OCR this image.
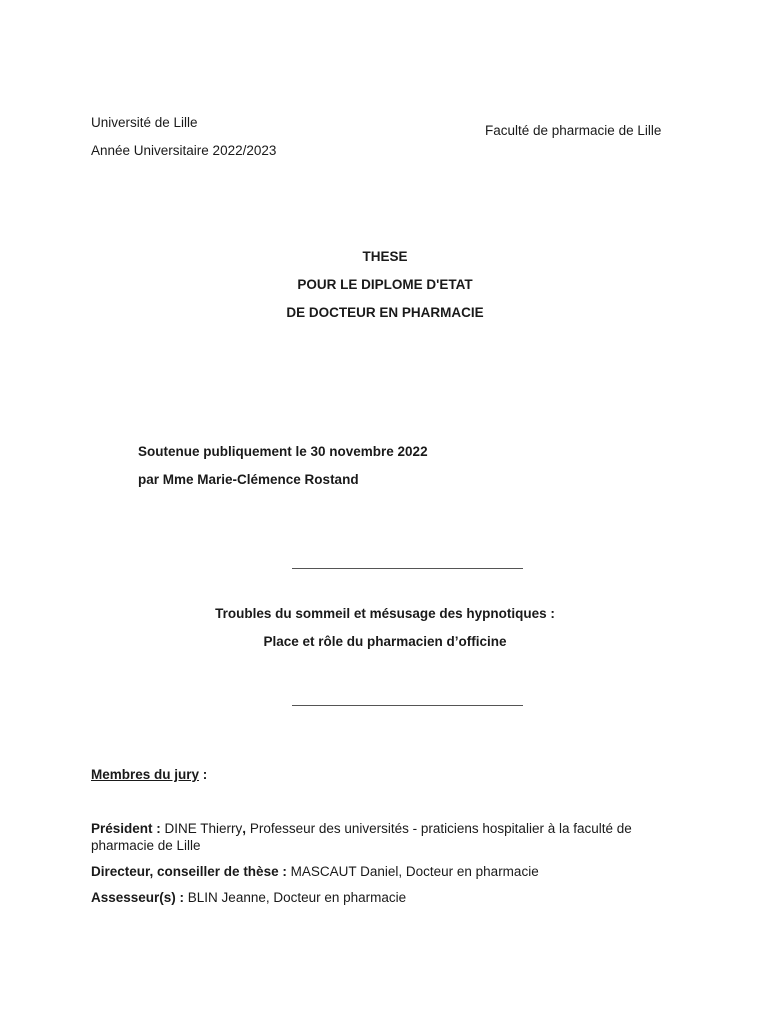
Université de Lille

Année Universitaire 2022/2023

Faculté de pharmacie de Lille

THESE

POUR LE DIPLOME D'ETAT

DE DOCTEUR EN PHARMACIE

Soutenue publiquement le 30 novembre 2022

par Mme Marie-Clémence Rostand

Troubles du sommeil et mésusage des hypnotiques :

Place et rôle du pharmacien d’officine

Membres du jury :

Président : DINE Thierry, Professeur des universités - praticiens hospitalier à la faculté de pharmacie de Lille

Directeur, conseiller de thèse : MASCAUT Daniel, Docteur en pharmacie

Assesseur(s) : BLIN Jeanne, Docteur en pharmacie
